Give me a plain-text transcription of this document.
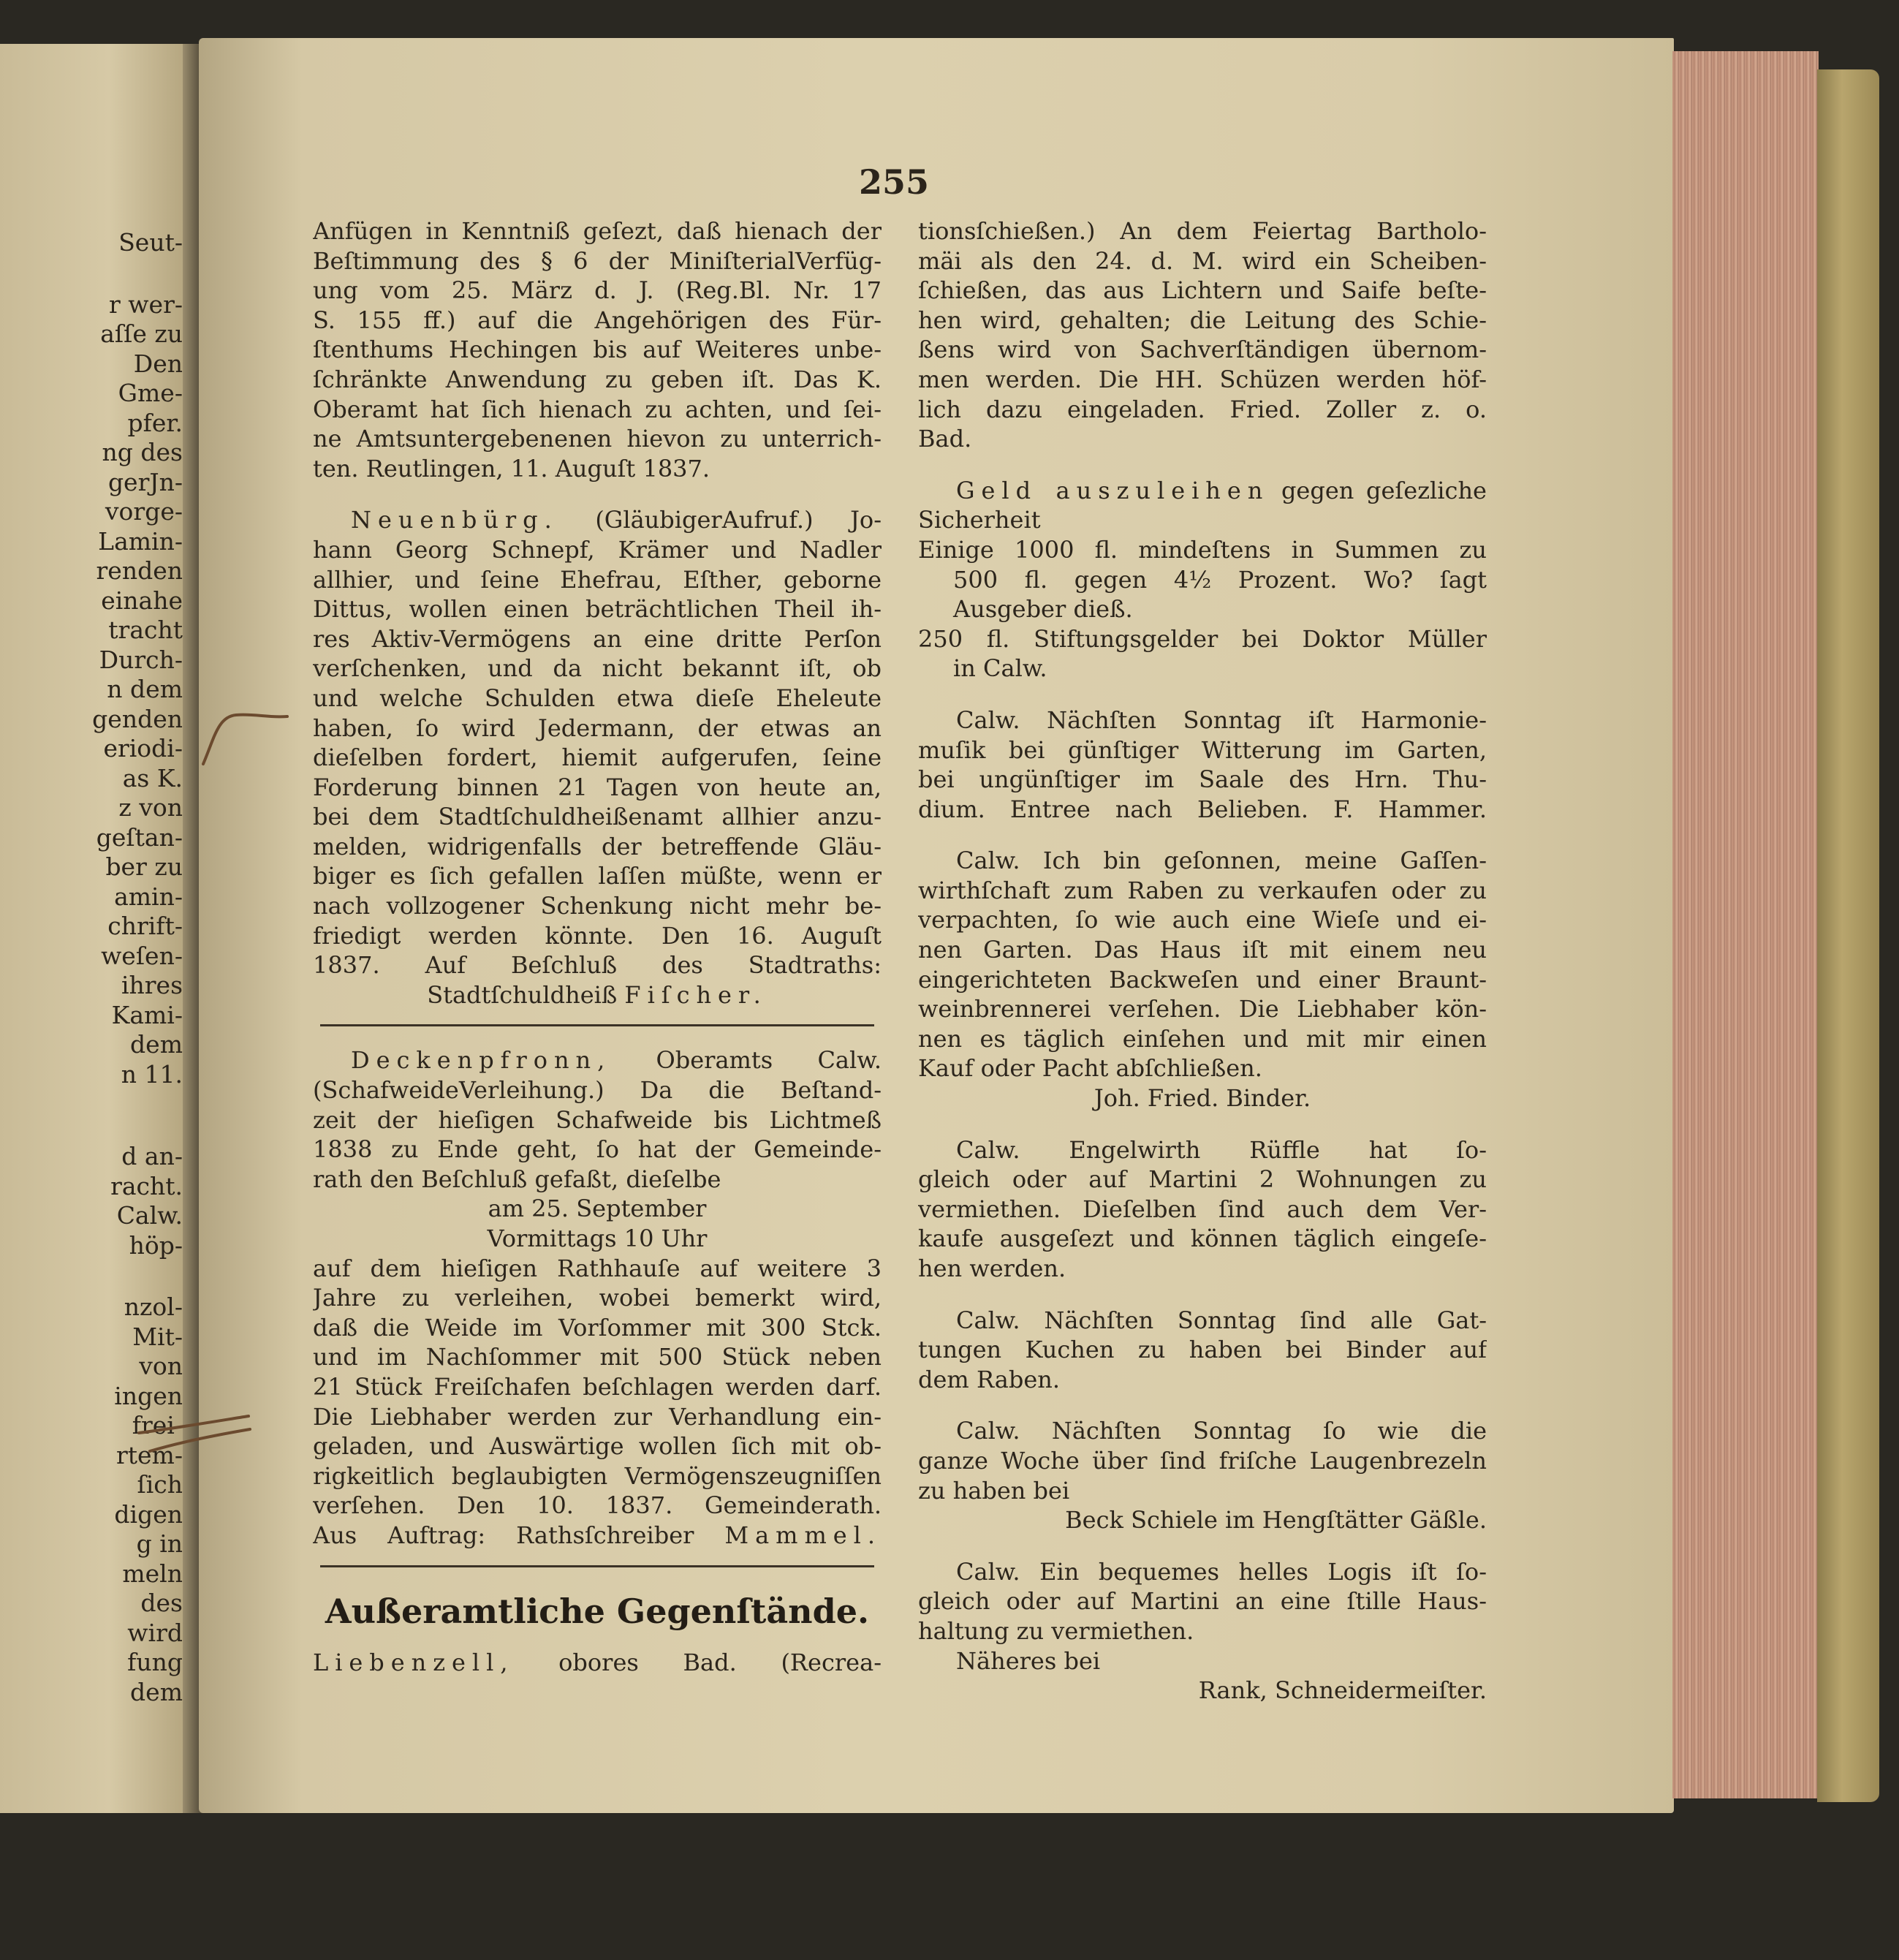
Seut-
r wer-
aſſe zu
Den
Gme-
pfer.
ng des
gerJn-
vorge-
Lamin-
renden
einahe
tracht
Durch-
n dem
genden
eriodi-
as K.
z von
geſtan-
ber zu
amin-
chrift-
weſen-
ihres
Kami-
dem
n 11.
d an-
racht.
Calw.
höp-
nzol-
Mit-
von
ingen
frei-
rtem-
ſich
digen
g in
meln
des
wird
fung
dem
255
Anfügen in Kenntniß geſezt, daß hienach der
Beſtimmung des § 6 der MiniſterialVerfüg-
ung vom 25. März d. J. (Reg.Bl. Nr. 17
S. 155 ff.) auf die Angehörigen des Für-
ſtenthums Hechingen bis auf Weiteres unbe-
ſchränkte Anwendung zu geben iſt. Das K.
Oberamt hat ſich hienach zu achten, und ſei-
ne Amtsuntergebenenen hievon zu unterrich-
ten. Reutlingen, 11. Auguſt 1837.
Neuenbürg. (GläubigerAufruf.) Jo-
hann Georg Schnepf, Krämer und Nadler
allhier, und ſeine Ehefrau, Eſther, geborne
Dittus, wollen einen beträchtlichen Theil ih-
res Aktiv-Vermögens an eine dritte Perſon
verſchenken, und da nicht bekannt iſt, ob
und welche Schulden etwa dieſe Eheleute
haben, ſo wird Jedermann, der etwas an
dieſelben fordert, hiemit aufgerufen, ſeine
Forderung binnen 21 Tagen von heute an,
bei dem Stadtſchuldheißenamt allhier anzu-
melden, widrigenfalls der betreffende Gläu-
biger es ſich gefallen laſſen müßte, wenn er
nach vollzogener Schenkung nicht mehr be-
friedigt werden könnte. Den 16. Auguſt
1837. Auf Beſchluß des Stadtraths:
Stadtſchuldheiß Fiſcher.
Deckenpfronn, Oberamts Calw.
(SchafweideVerleihung.) Da die Beſtand-
zeit der hieſigen Schafweide bis Lichtmeß
1838 zu Ende geht, ſo hat der Gemeinde-
rath den Beſchluß gefaßt, dieſelbe
am 25. September
Vormittags 10 Uhr
auf dem hieſigen Rathhauſe auf weitere 3
Jahre zu verleihen, wobei bemerkt wird,
daß die Weide im Vorſommer mit 300 Stck.
und im Nachſommer mit 500 Stück neben
21 Stück Freiſchafen beſchlagen werden darf.
Die Liebhaber werden zur Verhandlung ein-
geladen, und Auswärtige wollen ſich mit ob-
rigkeitlich beglaubigten Vermögenszeugniſſen
verſehen. Den 10. 1837. Gemeinderath.
Aus Auftrag: Rathsſchreiber Mammel.
Außeramtliche Gegenſtände.
Liebenzell, obores Bad. (Recrea-
tionsſchießen.) An dem Feiertag Bartholo-
mäi als den 24. d. M. wird ein Scheiben-
ſchießen, das aus Lichtern und Saife beſte-
hen wird, gehalten; die Leitung des Schie-
ßens wird von Sachverſtändigen übernom-
men werden. Die HH. Schüzen werden höf-
lich dazu eingeladen. Fried. Zoller z. o.
Bad.
Geld auszuleihen gegen geſezliche
Sicherheit
Einige 1000 fl. mindeſtens in Summen zu
500 fl. gegen 4½ Prozent. Wo? ſagt
Ausgeber dieß.
250 fl. Stiftungsgelder bei Doktor Müller
in Calw.
Calw. Nächſten Sonntag iſt Harmonie-
muſik bei günſtiger Witterung im Garten,
bei ungünſtiger im Saale des Hrn. Thu-
dium. Entree nach Belieben. F. Hammer.
Calw. Ich bin geſonnen, meine Gaſſen-
wirthſchaft zum Raben zu verkaufen oder zu
verpachten, ſo wie auch eine Wieſe und ei-
nen Garten. Das Haus iſt mit einem neu
eingerichteten Backweſen und einer Braunt-
weinbrennerei verſehen. Die Liebhaber kön-
nen es täglich einſehen und mit mir einen
Kauf oder Pacht abſchließen.
Joh. Fried. Binder.
Calw. Engelwirth Rüffle hat ſo-
gleich oder auf Martini 2 Wohnungen zu
vermiethen. Dieſelben ſind auch dem Ver-
kaufe ausgeſezt und können täglich eingeſe-
hen werden.
Calw. Nächſten Sonntag ſind alle Gat-
tungen Kuchen zu haben bei Binder auf
dem Raben.
Calw. Nächſten Sonntag ſo wie die
ganze Woche über ſind friſche Laugenbrezeln
zu haben bei
Beck Schiele im Hengſtätter Gäßle.
Calw. Ein bequemes helles Logis iſt ſo-
gleich oder auf Martini an eine ſtille Haus-
haltung zu vermiethen.
Näheres bei
Rank, Schneidermeiſter.
